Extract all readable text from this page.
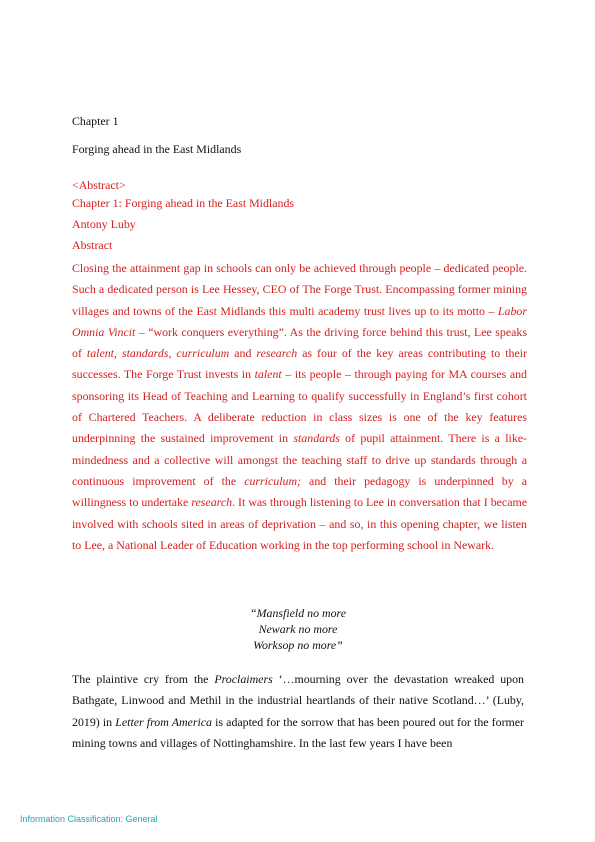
Chapter 1
Forging ahead in the East Midlands
<Abstract>
Chapter 1: Forging ahead in the East Midlands
Antony Luby
Abstract

Closing the attainment gap in schools can only be achieved through people – dedicated people. Such a dedicated person is Lee Hessey, CEO of The Forge Trust. Encompassing former mining villages and towns of the East Midlands this multi academy trust lives up to its motto – Labor Omnia Vincit – “work conquers everything”. As the driving force behind this trust, Lee speaks of talent, standards, curriculum and research as four of the key areas contributing to their successes. The Forge Trust invests in talent – its people – through paying for MA courses and sponsoring its Head of Teaching and Learning to qualify successfully in England’s first cohort of Chartered Teachers. A deliberate reduction in class sizes is one of the key features underpinning the sustained improvement in standards of pupil attainment. There is a like-mindedness and a collective will amongst the teaching staff to drive up standards through a continuous improvement of the curriculum; and their pedagogy is underpinned by a willingness to undertake research. It was through listening to Lee in conversation that I became involved with schools sited in areas of deprivation – and so, in this opening chapter, we listen to Lee, a National Leader of Education working in the top performing school in Newark.

“Mansfield no more
Newark no more
Worksop no more”
The plaintive cry from the Proclaimers ‘…mourning over the devastation wreaked upon Bathgate, Linwood and Methil in the industrial heartlands of their native Scotland…’ (Luby, 2019) in Letter from America is adapted for the sorrow that has been poured out for the former mining towns and villages of Nottinghamshire. In the last few years I have been
Information Classification: General
